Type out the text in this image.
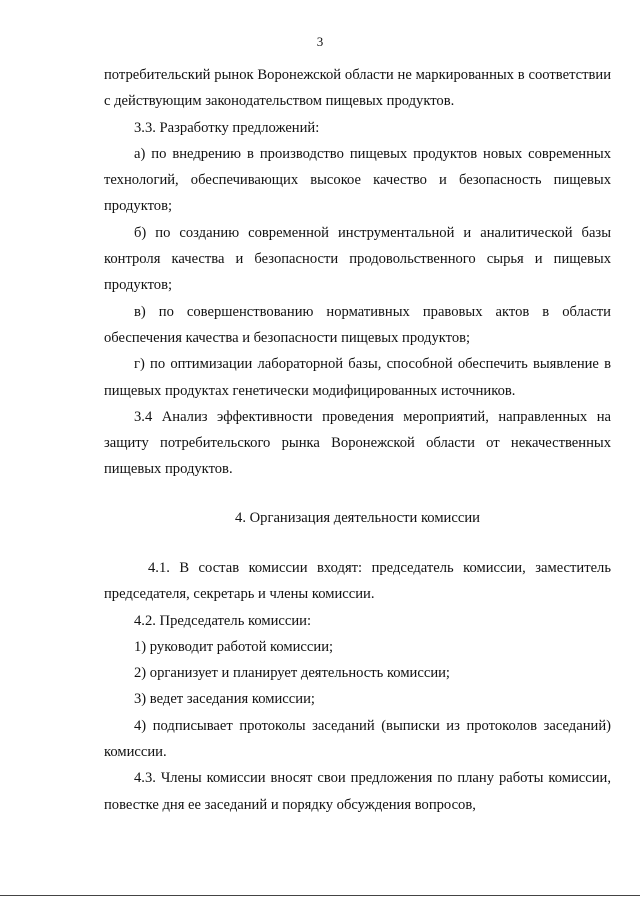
3

потребительский рынок Воронежской области не маркированных в соответствии с действующим законодательством пищевых продуктов.

3.3. Разработку предложений:

а) по внедрению в производство пищевых продуктов новых современных технологий, обеспечивающих высокое качество и безопасность пищевых продуктов;

б) по созданию современной инструментальной и аналитической базы контроля качества и безопасности продовольственного сырья и пищевых продуктов;

в) по совершенствованию нормативных правовых актов в области обеспечения качества и безопасности пищевых продуктов;

г) по оптимизации лабораторной базы, способной обеспечить выявление в пищевых продуктах генетически модифицированных источников.

3.4 Анализ эффективности проведения мероприятий, направленных на защиту потребительского рынка Воронежской области от некачественных пищевых продуктов.

4. Организация деятельности комиссии

4.1. В состав комиссии входят: председатель комиссии, заместитель председателя, секретарь и члены комиссии.

4.2. Председатель комиссии:

1) руководит работой комиссии;

2) организует и планирует деятельность комиссии;

3) ведет заседания комиссии;

4) подписывает протоколы заседаний (выписки из протоколов заседаний) комиссии.

4.3. Члены комиссии вносят свои предложения по плану работы комиссии, повестке дня ее заседаний и порядку обсуждения вопросов,
